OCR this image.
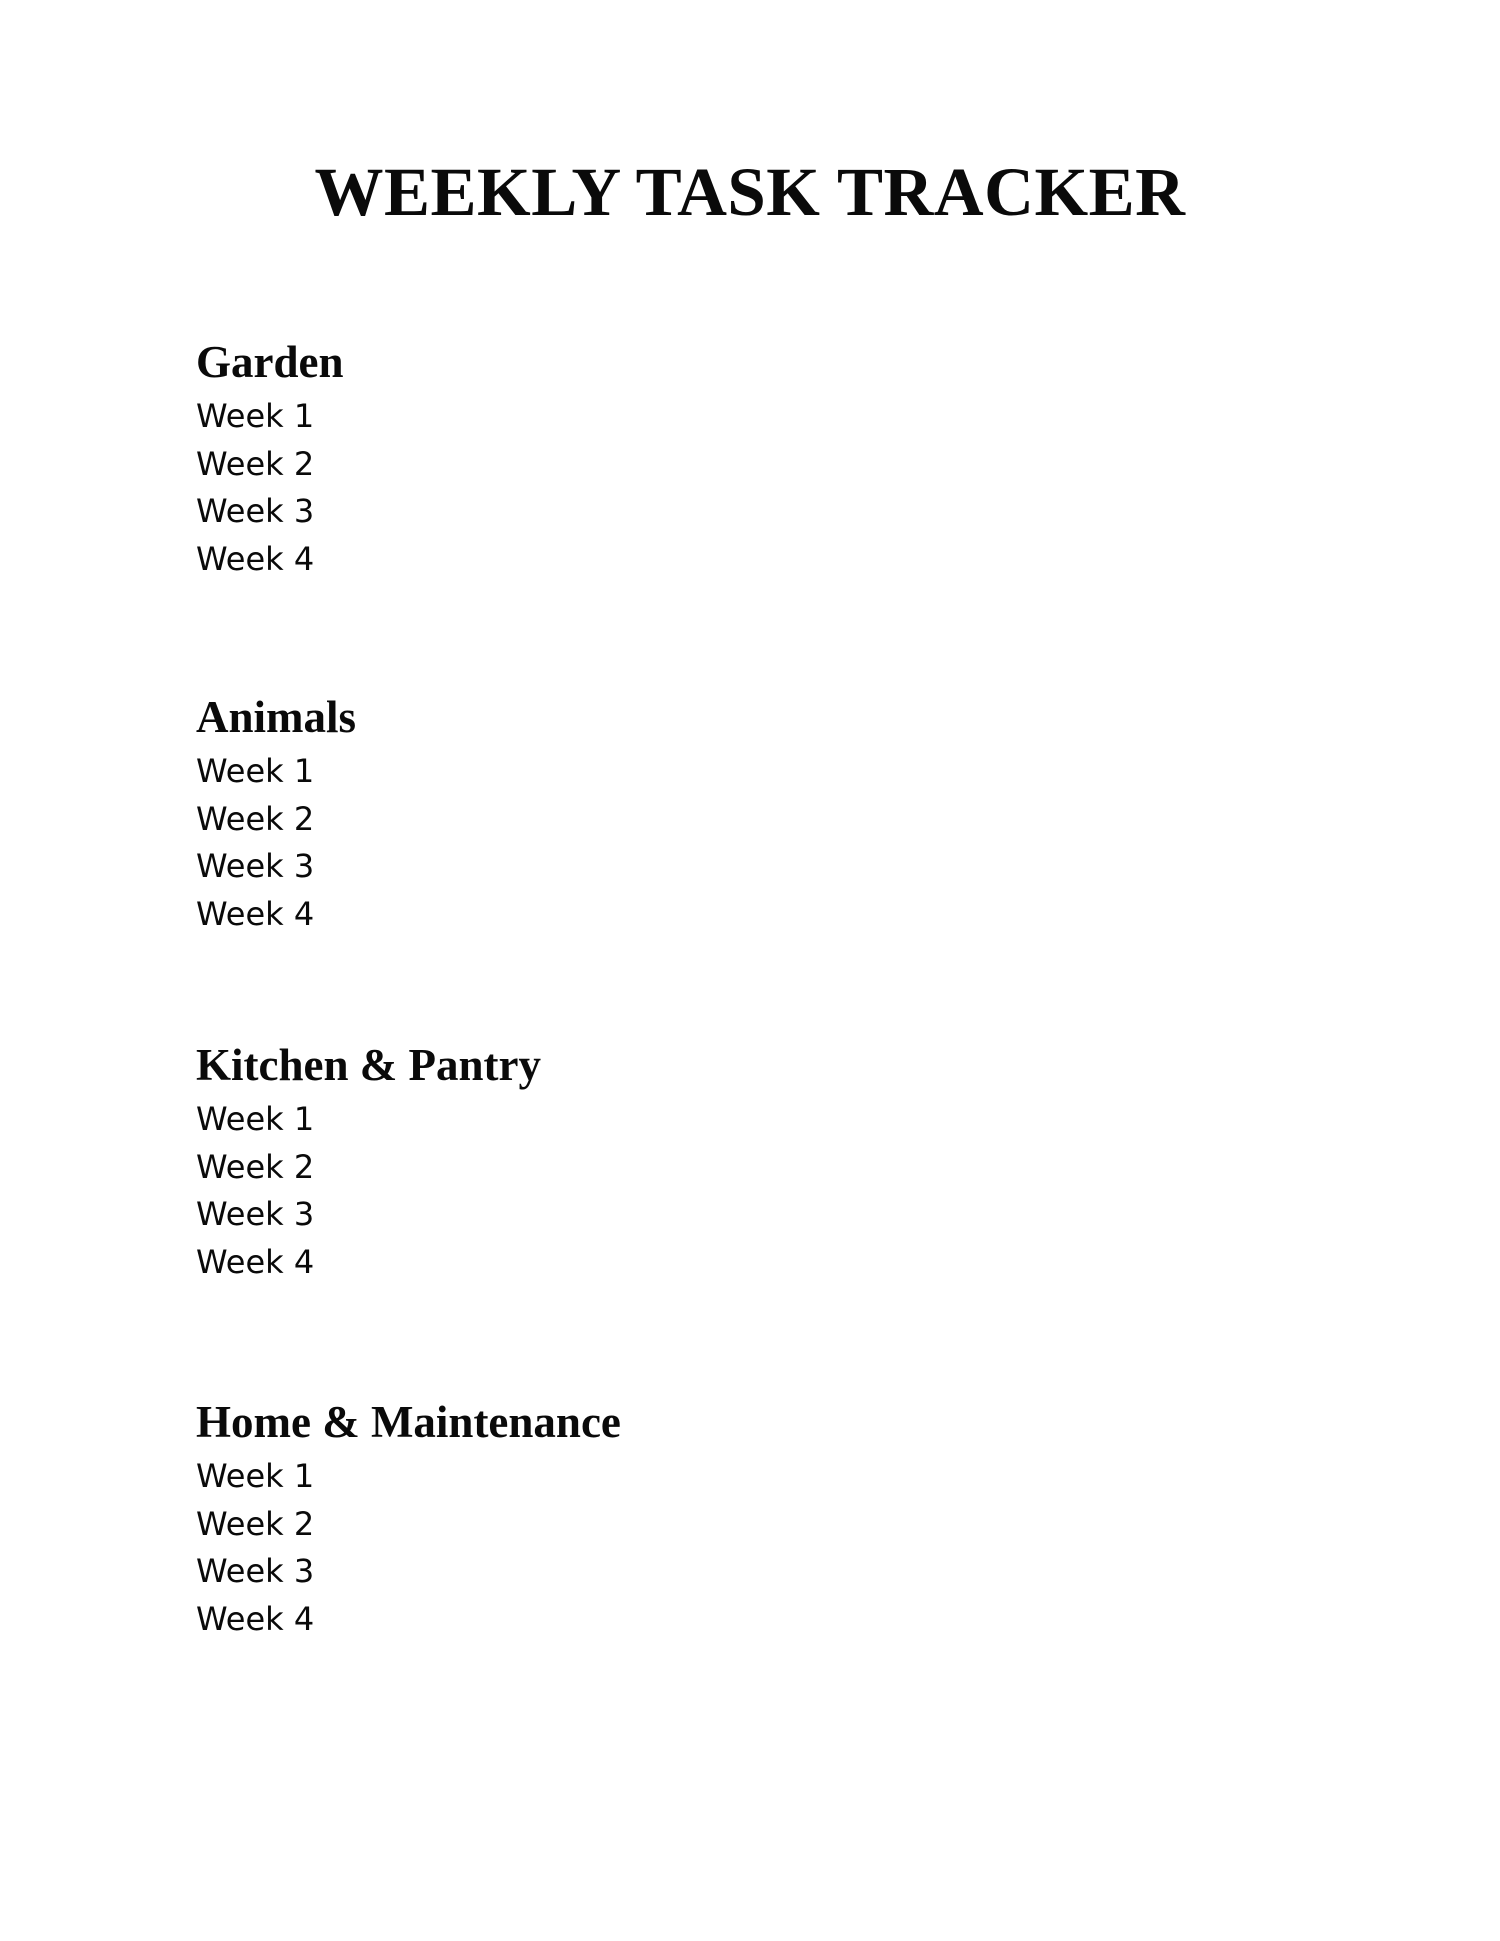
WEEKLY TASK TRACKER
Garden
Week 1
Week 2
Week 3
Week 4
Animals
Week 1
Week 2
Week 3
Week 4
Kitchen & Pantry
Week 1
Week 2
Week 3
Week 4
Home & Maintenance
Week 1
Week 2
Week 3
Week 4
